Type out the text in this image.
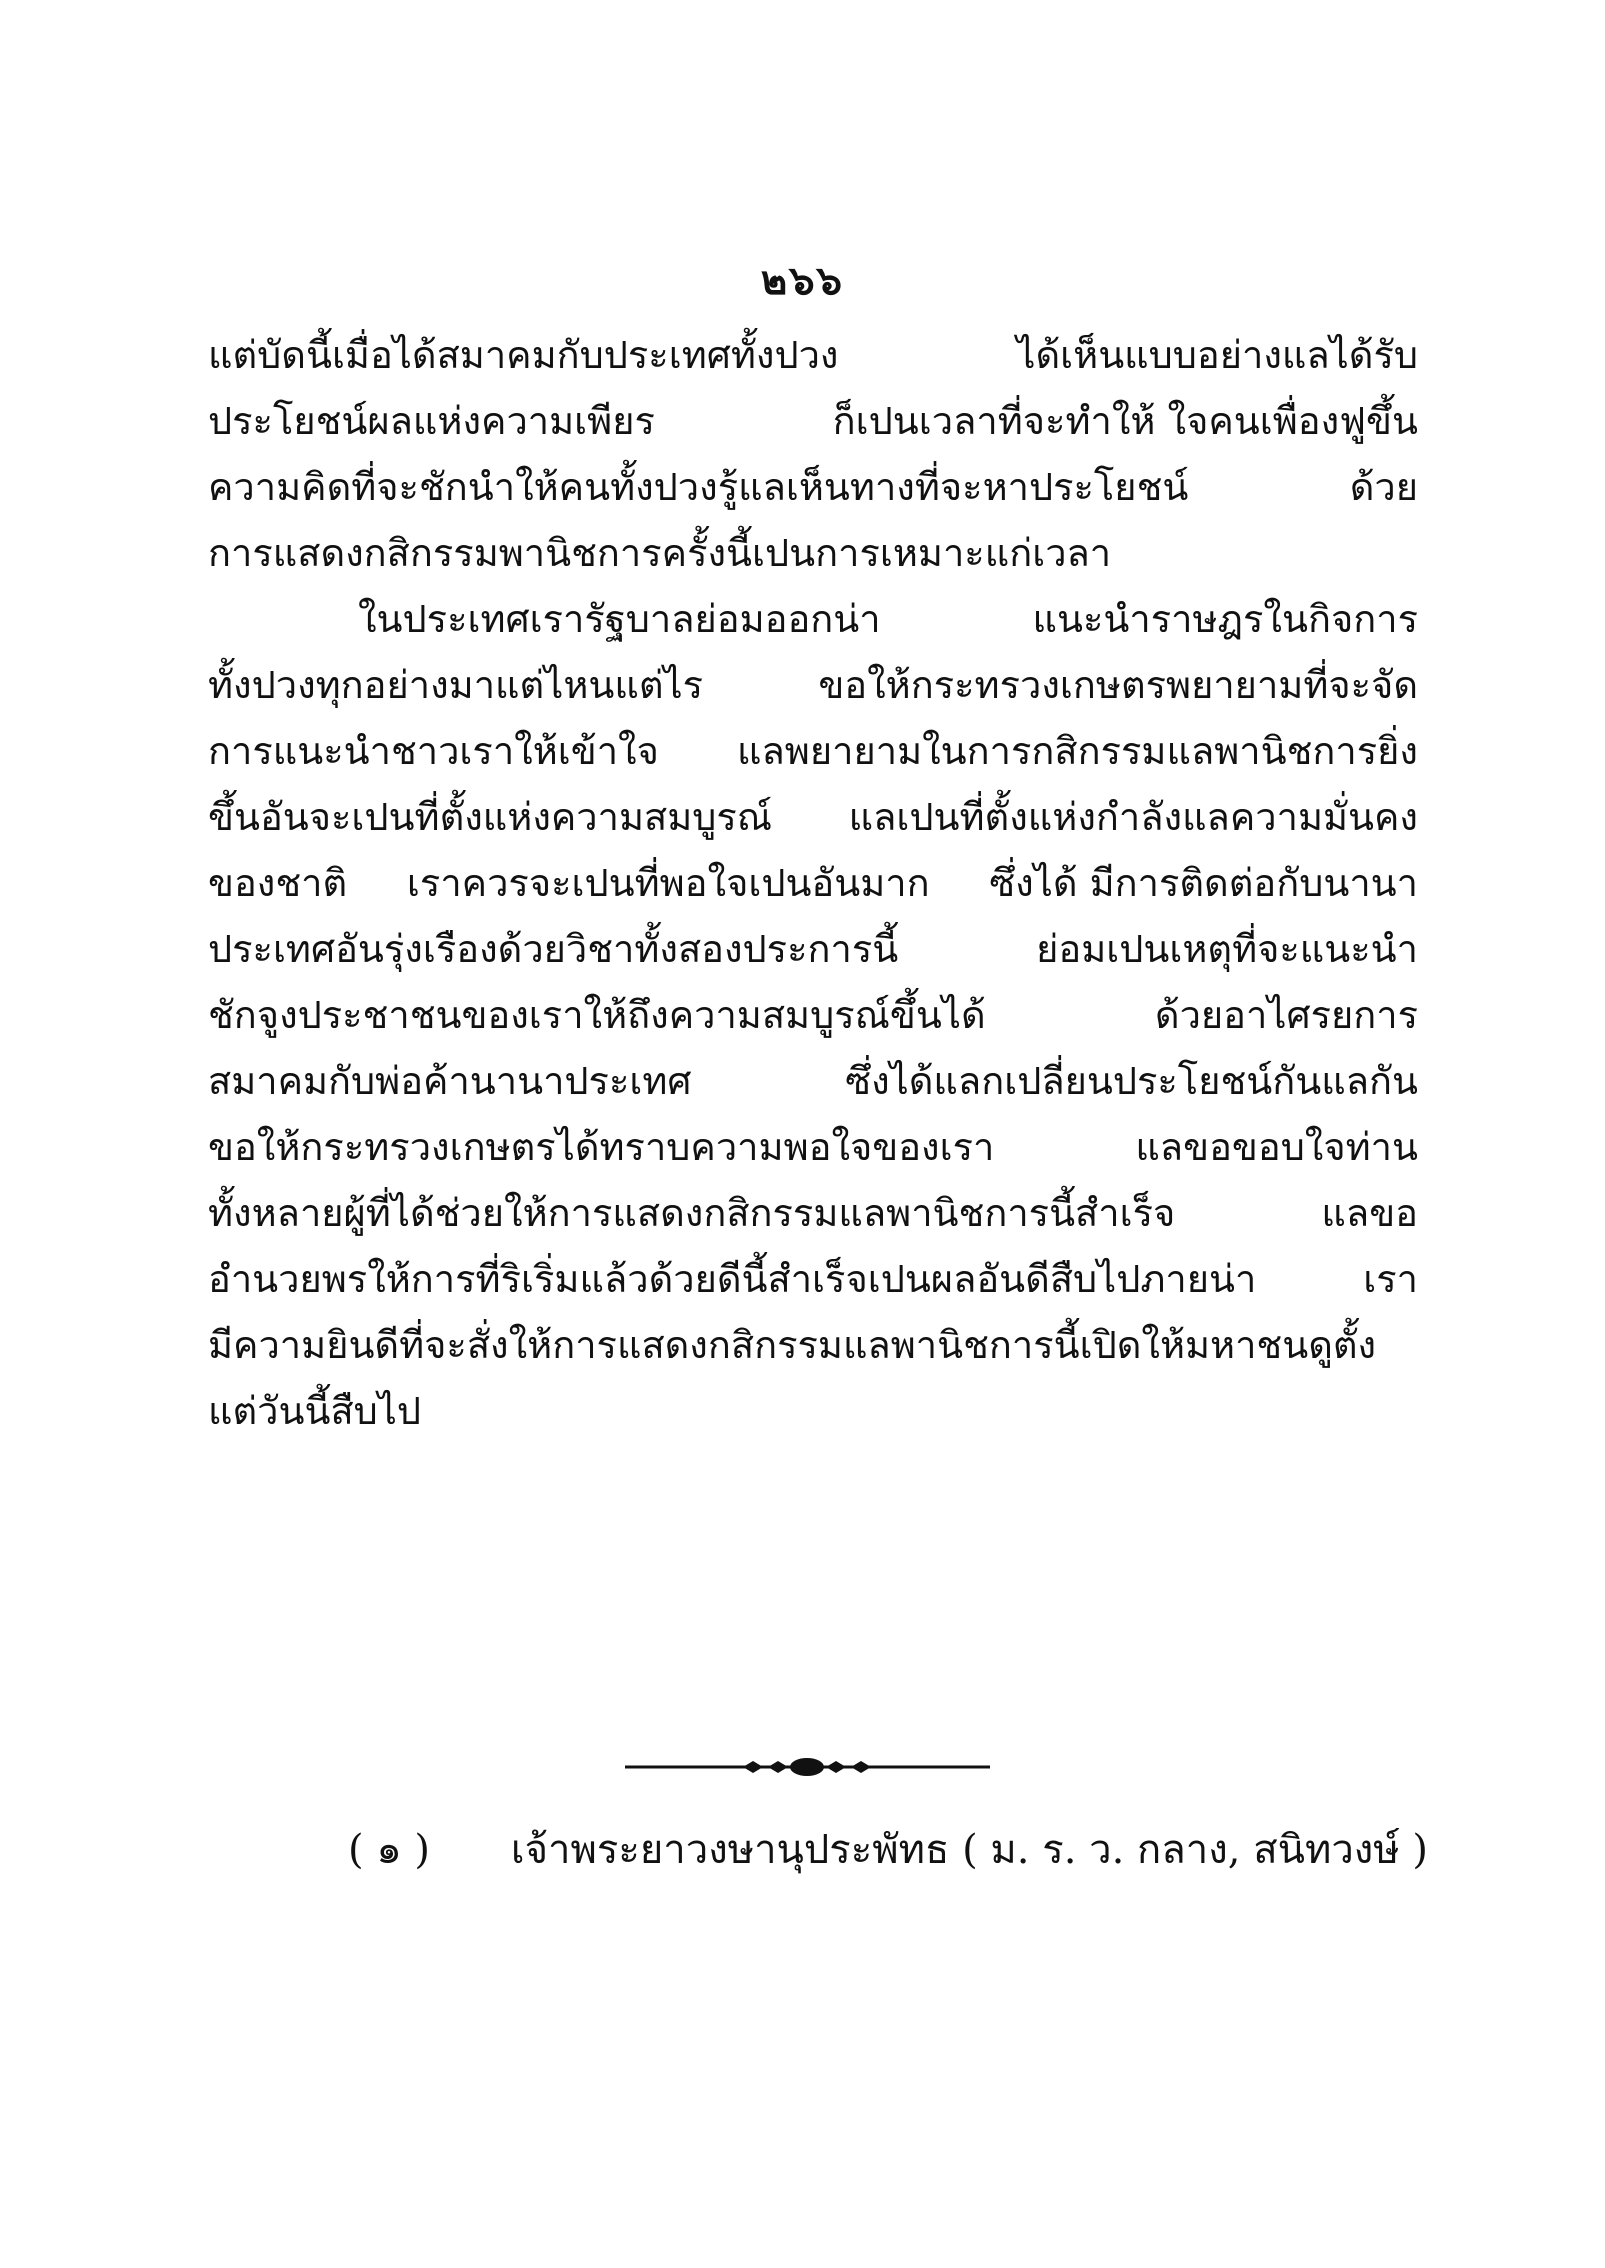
๒๖๖
แต่บัดนี้เมื่อได้สมาคมกับประเทศทั้งปวง	ได้เห็นแบบอย่างแลได้รับ
ประโยชน์ผลแห่งความเพียร	ก็เปนเวลาที่จะทำให้ ใจคนเพื่องฟูขึ้น
ความคิดที่จะชักนำให้คนทั้งปวงรู้แลเห็นทางที่จะหาประโยชน์	ด้วย
การแสดงกสิกรรมพานิชการครั้งนี้เปนการเหมาะแก่เวลา
ในประเทศเรารัฐบาลย่อมออกน่า	แนะนำราษฎรในกิจการ
ทั้งปวงทุกอย่างมาแต่ไหนแต่ไร	ขอให้กระทรวงเกษตรพยายามที่จะจัด
การแนะนำชาวเราให้เข้าใจ แลพยายามในการกสิกรรมแลพานิชการยิ่ง
ขึ้นอันจะเปนที่ตั้งแห่งความสมบูรณ์ แลเปนที่ตั้งแห่งกำลังแลความมั่นคง
ของชาติ เราควรจะเปนที่พอใจเปนอันมาก ซึ่งได้ มีการติดต่อกับนานา
ประเทศอันรุ่งเรืองด้วยวิชาทั้งสองประการนี้	ย่อมเปนเหตุที่จะแนะนำ
ชักจูงประชาชนของเราให้ถึงความสมบูรณ์ขึ้นได้	ด้วยอาไศรยการ
สมาคมกับพ่อค้านานาประเทศ	ซึ่งได้แลกเปลี่ยนประโยชน์กันแลกัน
ขอให้กระทรวงเกษตรได้ทราบความพอใจของเรา	แลขอขอบใจท่าน
ทั้งหลายผู้ที่ได้ช่วยให้การแสดงกสิกรรมแลพานิชการนี้สำเร็จ	แลขอ
อำนวยพรให้การที่ริเริ่มแล้วด้วยดีนี้สำเร็จเปนผลอันดีสืบไปภายน่า	เรา
มีความยินดีที่จะสั่งให้การแสดงกสิกรรมแลพานิชการนี้เปิดให้มหาชนดูตั้ง
แต่วันนี้สืบไป
( ๑ ) เจ้าพระยาวงษานุประพัทธ ( ม. ร. ว. กลาง, สนิทวงษ์ )
